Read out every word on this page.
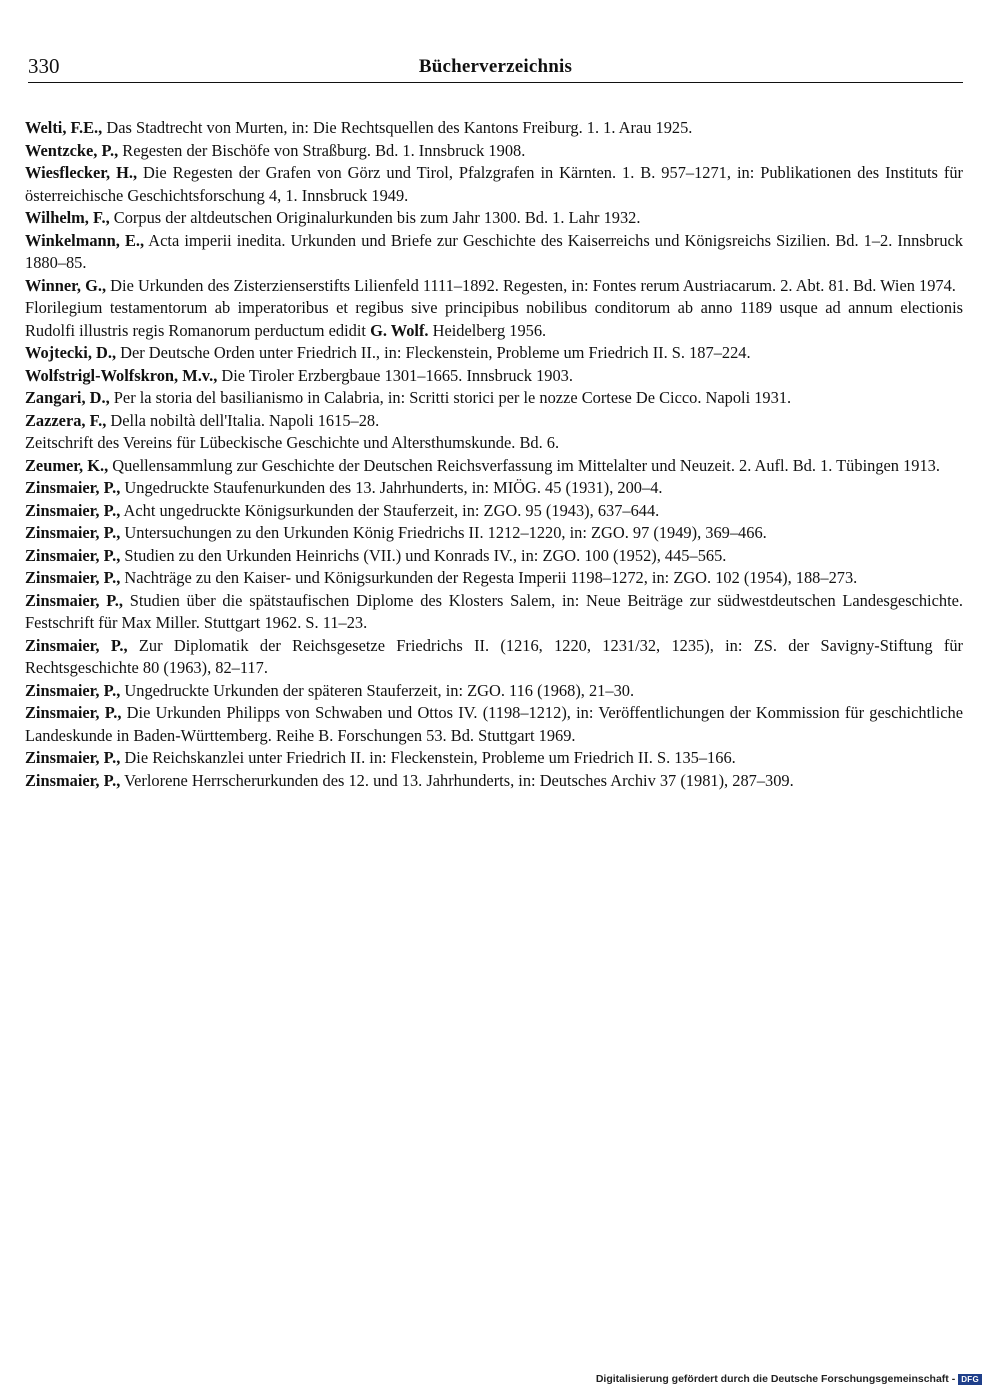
330	Bücherverzeichnis

Welti, F.E., Das Stadtrecht von Murten, in: Die Rechtsquellen des Kantons Freiburg. 1. 1. Arau 1925.

Wentzcke, P., Regesten der Bischöfe von Straßburg. Bd. 1. Innsbruck 1908.

Wiesflecker, H., Die Regesten der Grafen von Görz und Tirol, Pfalzgrafen in Kärnten. 1. B. 957–1271, in: Publikationen des Instituts für österreichische Geschichtsforschung 4, 1. Innsbruck 1949.

Wilhelm, F., Corpus der altdeutschen Originalurkunden bis zum Jahr 1300. Bd. 1. Lahr 1932.

Winkelmann, E., Acta imperii inedita. Urkunden und Briefe zur Geschichte des Kaiserreichs und Königsreichs Sizilien. Bd. 1–2. Innsbruck 1880–85.

Winner, G., Die Urkunden des Zisterzienserstifts Lilienfeld 1111–1892. Regesten, in: Fontes rerum Austriacarum. 2. Abt. 81. Bd. Wien 1974.

Florilegium testamentorum ab imperatoribus et regibus sive principibus nobilibus conditorum ab anno 1189 usque ad annum electionis Rudolfi illustris regis Romanorum perductum edidit G. Wolf. Heidelberg 1956.

Wojtecki, D., Der Deutsche Orden unter Friedrich II., in: Fleckenstein, Probleme um Friedrich II. S. 187–224.

Wolfstrigl-Wolfskron, M.v., Die Tiroler Erzbergbaue 1301–1665. Innsbruck 1903.

Zangari, D., Per la storia del basilianismo in Calabria, in: Scritti storici per le nozze Cortese De Cicco. Napoli 1931.

Zazzera, F., Della nobiltà dell'Italia. Napoli 1615–28.

Zeitschrift des Vereins für Lübeckische Geschichte und Altersthumskunde. Bd. 6.

Zeumer, K., Quellensammlung zur Geschichte der Deutschen Reichsverfassung im Mittelalter und Neuzeit. 2. Aufl. Bd. 1. Tübingen 1913.

Zinsmaier, P., Ungedruckte Staufenurkunden des 13. Jahrhunderts, in: MIÖG. 45 (1931), 200–4.

Zinsmaier, P., Acht ungedruckte Königsurkunden der Stauferzeit, in: ZGO. 95 (1943), 637–644.

Zinsmaier, P., Untersuchungen zu den Urkunden König Friedrichs II. 1212–1220, in: ZGO. 97 (1949), 369–466.

Zinsmaier, P., Studien zu den Urkunden Heinrichs (VII.) und Konrads IV., in: ZGO. 100 (1952), 445–565.

Zinsmaier, P., Nachträge zu den Kaiser- und Königsurkunden der Regesta Imperii 1198–1272, in: ZGO. 102 (1954), 188–273.

Zinsmaier, P., Studien über die spätstaufischen Diplome des Klosters Salem, in: Neue Beiträge zur südwestdeutschen Landesgeschichte. Festschrift für Max Miller. Stuttgart 1962. S. 11–23.

Zinsmaier, P., Zur Diplomatik der Reichsgesetze Friedrichs II. (1216, 1220, 1231/32, 1235), in: ZS. der Savigny-Stiftung für Rechtsgeschichte 80 (1963), 82–117.

Zinsmaier, P., Ungedruckte Urkunden der späteren Stauferzeit, in: ZGO. 116 (1968), 21–30.

Zinsmaier, P., Die Urkunden Philipps von Schwaben und Ottos IV. (1198–1212), in: Veröffentlichungen der Kommission für geschichtliche Landeskunde in Baden-Württemberg. Reihe B. Forschungen 53. Bd. Stuttgart 1969.

Zinsmaier, P., Die Reichskanzlei unter Friedrich II. in: Fleckenstein, Probleme um Friedrich II. S. 135–166.

Zinsmaier, P., Verlorene Herrscherurkunden des 12. und 13. Jahrhunderts, in: Deutsches Archiv 37 (1981), 287–309.

Digitalisierung gefördert durch die Deutsche Forschungsgemeinschaft - DFG
